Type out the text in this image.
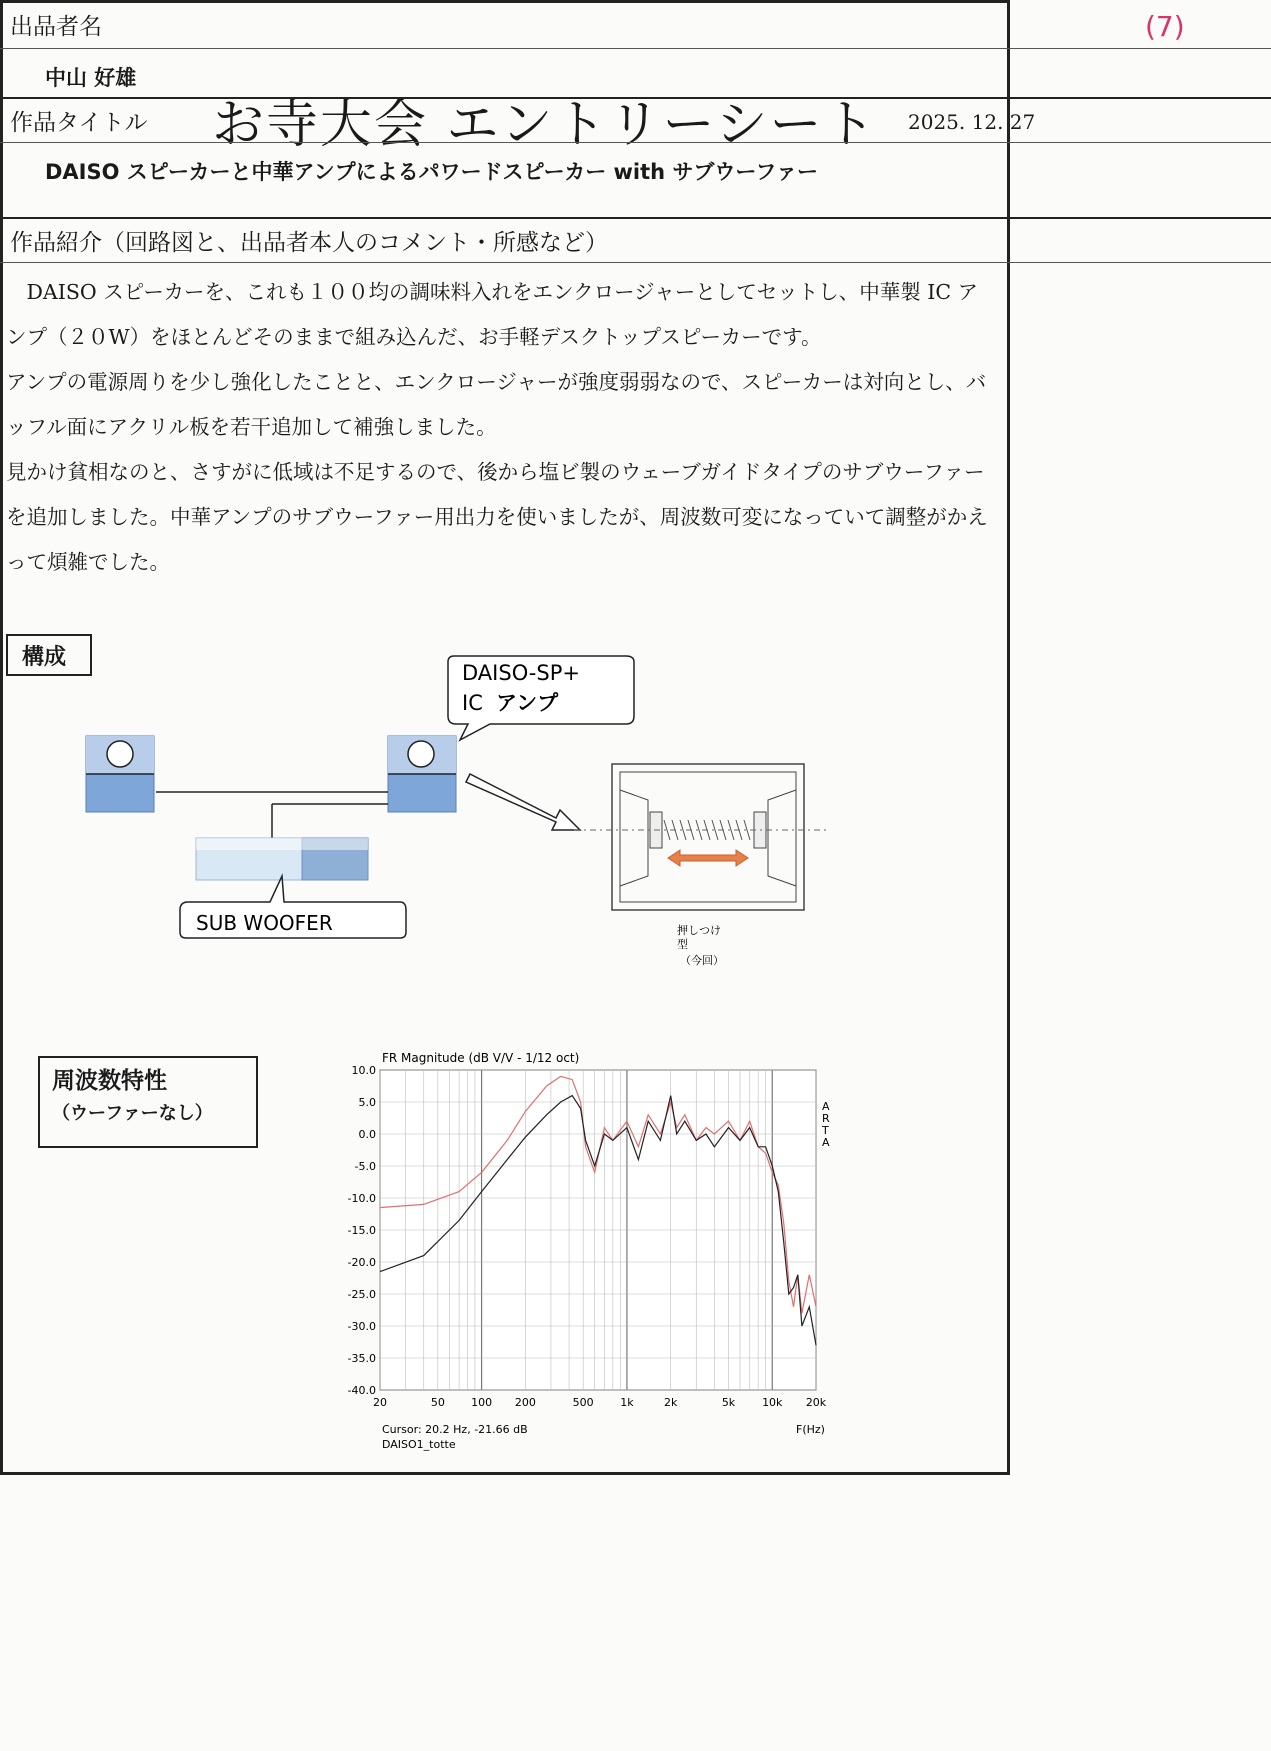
(7)
お寺大会 エントリーシート 2025. 12. 27
出品者名
中山 好雄
作品タイトル
DAISO スピーカーと中華アンプによるパワードスピーカー with サブウーファー
作品紹介（回路図と、出品者本人のコメント・所感など）

　DAISO スピーカーを、これも１００均の調味料入れをエンクロージャーとしてセットし、中華製 IC アンプ（２０W）をほとんどそのままで組み込んだ、お手軽デスクトップスピーカーです。

アンプの電源周りを少し強化したことと、エンクロージャーが強度弱弱なので、スピーカーは対向とし、バッフル面にアクリル板を若干追加して補強しました。

見かけ貧相なのと、さすがに低域は不足するので、後から塩ビ製のウェーブガイドタイプのサブウーファーを追加しました。中華アンプのサブウーファー用出力を使いましたが、周波数可変になっていて調整がかえって煩雑でした。

構成
SUB WOOFER
DAISO-SP+
IC アンプ
押しつけ
型
（今回）
周波数特性
（ウーファーなし）
FR Magnitude (dB V/V - 1/12 oct)
10.0
5.0
0.0
-5.0
-10.0
-15.0
-20.0
-25.0
-30.0
-35.0
-40.0
20	50 100 200	500 1k	2k	5k 10k 20k
A
R
T
A
Cursor: 20.2 Hz, -21.66 dB
DAISO1_totte
F(Hz)
